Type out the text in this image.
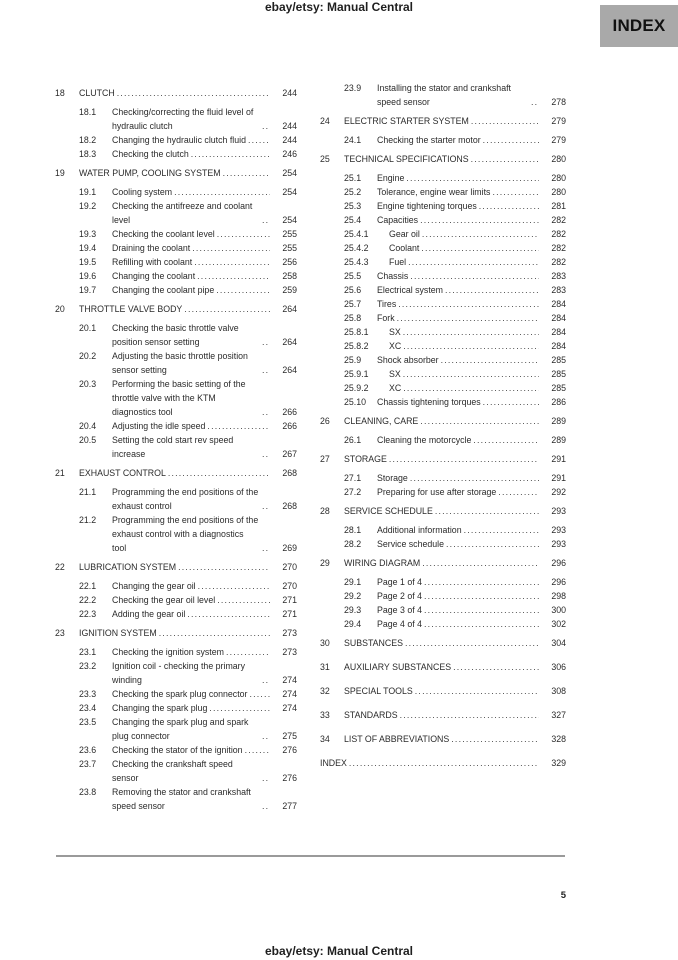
ebay/etsy: Manual Central
INDEX
18	CLUTCH .....	244
18.1	Checking/correcting the fluid level of hydraulic clutch .....	244
18.2	Changing the hydraulic clutch fluid .....	244
18.3	Checking the clutch .....	246
19	WATER PUMP, COOLING SYSTEM .....	254
19.1	Cooling system .....	254
19.2	Checking the antifreeze and coolant level .....	254
19.3	Checking the coolant level .....	255
19.4	Draining the coolant .....	255
19.5	Refilling with coolant .....	256
19.6	Changing the coolant .....	258
19.7	Changing the coolant pipe .....	259
20	THROTTLE VALVE BODY .....	264
20.1	Checking the basic throttle valve position sensor setting .....	264
20.2	Adjusting the basic throttle position sensor setting .....	264
20.3	Performing the basic setting of the throttle valve with the KTM diagnostics tool .....	266
20.4	Adjusting the idle speed .....	266
20.5	Setting the cold start rev speed increase .....	267
21	EXHAUST CONTROL .....	268
21.1	Programming the end positions of the exhaust control .....	268
21.2	Programming the end positions of the exhaust control with a diagnostics tool .....	269
22	LUBRICATION SYSTEM .....	270
22.1	Changing the gear oil .....	270
22.2	Checking the gear oil level .....	271
22.3	Adding the gear oil .....	271
23	IGNITION SYSTEM .....	273
23.1	Checking the ignition system .....	273
23.2	Ignition coil - checking the primary winding .....	274
23.3	Checking the spark plug connector .....	274
23.4	Changing the spark plug .....	274
23.5	Changing the spark plug and spark plug connector .....	275
23.6	Checking the stator of the ignition .....	276
23.7	Checking the crankshaft speed sensor .....	276
23.8	Removing the stator and crankshaft speed sensor .....	277
23.9	Installing the stator and crankshaft speed sensor .....	278
24	ELECTRIC STARTER SYSTEM .....	279
24.1	Checking the starter motor .....	279
25	TECHNICAL SPECIFICATIONS .....	280
25.1	Engine .....	280
25.2	Tolerance, engine wear limits .....	280
25.3	Engine tightening torques .....	281
25.4	Capacities .....	282
25.4.1	Gear oil .....	282
25.4.2	Coolant .....	282
25.4.3	Fuel .....	282
25.5	Chassis .....	283
25.6	Electrical system .....	283
25.7	Tires .....	284
25.8	Fork .....	284
25.8.1	SX .....	284
25.8.2	XC .....	284
25.9	Shock absorber .....	285
25.9.1	SX .....	285
25.9.2	XC .....	285
25.10	Chassis tightening torques .....	286
26	CLEANING, CARE .....	289
26.1	Cleaning the motorcycle .....	289
27	STORAGE .....	291
27.1	Storage .....	291
27.2	Preparing for use after storage .....	292
28	SERVICE SCHEDULE .....	293
28.1	Additional information .....	293
28.2	Service schedule .....	293
29	WIRING DIAGRAM .....	296
29.1	Page 1 of 4 .....	296
29.2	Page 2 of 4 .....	298
29.3	Page 3 of 4 .....	300
29.4	Page 4 of 4 .....	302
30	SUBSTANCES .....	304
31	AUXILIARY SUBSTANCES .....	306
32	SPECIAL TOOLS .....	308
33	STANDARDS .....	327
34	LIST OF ABBREVIATIONS .....	328
INDEX .....	329
5
ebay/etsy: Manual Central
